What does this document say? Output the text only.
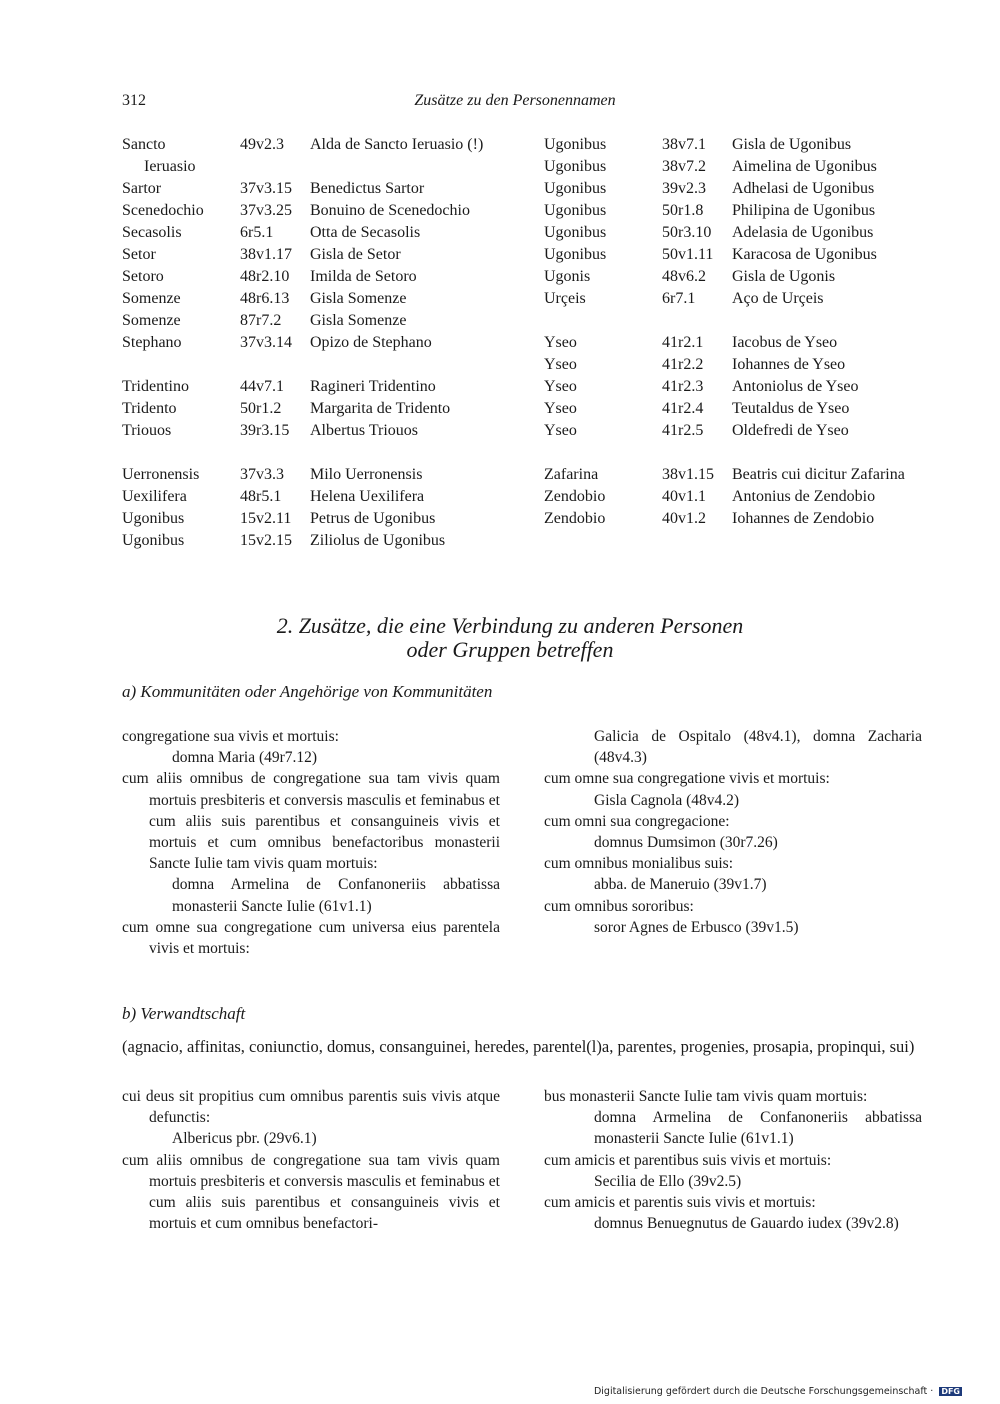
312	Zusätze zu den Personennamen
Sancto	49v2.3 Alda de Sancto Ieruasio (!)
Ieruasio
Sartor	37v3.15 Benedictus Sartor
Scenedochio 37v3.25 Bonuino de Scenedochio
Secasolis	6r5.1 Otta de Secasolis
Setor	38v1.17 Gisla de Setor
Setoro	48r2.10 Imilda de Setoro
Somenze	48r6.13 Gisla Somenze
Somenze	87r7.2 Gisla Somenze
Stephano	37v3.14 Opizo de Stephano
Tridentino	44v7.1 Ragineri Tridentino
Tridento	50r1.2 Margarita de Tridento
Triouos	39r3.15 Albertus Triouos
Uerronensis	37v3.3 Milo Uerronensis
Uexilifera	48r5.1 Helena Uexilifera
Ugonibus	15v2.11 Petrus de Ugonibus
Ugonibus	15v2.15 Ziliolus de Ugonibus
Ugonibus	38v7.1 Gisla de Ugonibus
Ugonibus	38v7.2 Aimelina de Ugonibus
Ugonibus	39v2.3 Adhelasi de Ugonibus
Ugonibus	50r1.8 Philipina de Ugonibus
Ugonibus	50r3.10 Adelasia de Ugonibus
Ugonibus	50v1.11 Karacosa de Ugonibus
Ugonis	48v6.2 Gisla de Ugonis
Urçeis	6r7.1 Aço de Urçeis
Yseo	41r2.1 Iacobus de Yseo
Yseo	41r2.2 Iohannes de Yseo
Yseo	41r2.3 Antoniolus de Yseo
Yseo	41r2.4 Teutaldus de Yseo
Yseo	41r2.5 Oldefredi de Yseo
Zafarina	38v1.15 Beatris cui dicitur Zafarina
Zendobio	40v1.1 Antonius de Zendobio
Zendobio	40v1.2 Iohannes de Zendobio
2. Zusätze, die eine Verbindung zu anderen Personen
oder Gruppen betreffen
a) Kommunitäten oder Angehörige von Kommunitäten

congregatione sua vivis et mortuis:

domna Maria (49r7.12)

cum aliis omnibus de congregatione sua tam vivis quam mortuis presbiteris et conversis masculis et feminabus et cum aliis suis parentibus et consanguineis vivis et mortuis et cum omnibus benefactoribus monasterii Sancte Iulie tam vivis quam mortuis:

domna Armelina de Confanoneriis abbatissa monasterii Sancte Iulie (61v1.1)

cum omne sua congregatione cum universa eius parentela vivis et mortuis:

Galicia de Ospitalo (48v4.1), domna Zacharia (48v4.3)

cum omne sua congregatione vivis et mortuis:

Gisla Cagnola (48v4.2)

cum omni sua congregacione:

domnus Dumsimon (30r7.26)

cum omnibus monialibus suis:

abba. de Maneruio (39v1.7)

cum omnibus sororibus:

soror Agnes de Erbusco (39v1.5)

b) Verwandtschaft
(agnacio, affinitas, coniunctio, domus, consanguinei, heredes, parentel(l)a, parentes, progenies, prosapia, propinqui, sui)

cui deus sit propitius cum omnibus parentis suis vivis atque defunctis:

Albericus pbr. (29v6.1)

cum aliis omnibus de congregatione sua tam vivis quam mortuis presbiteris et conversis masculis et feminabus et cum aliis suis parentibus et consanguineis vivis et mortuis et cum omnibus benefactori-

bus monasterii Sancte Iulie tam vivis quam mortuis:

domna Armelina de Confanoneriis abbatissa monasterii Sancte Iulie (61v1.1)

cum amicis et parentibus suis vivis et mortuis:

Secilia de Ello (39v2.5)

cum amicis et parentis suis vivis et mortuis:

domnus Benuegnutus de Gauardo iudex (39v2.8)

Digitalisierung gefördert durch die Deutsche Forschungsgemeinschaft · DFG
